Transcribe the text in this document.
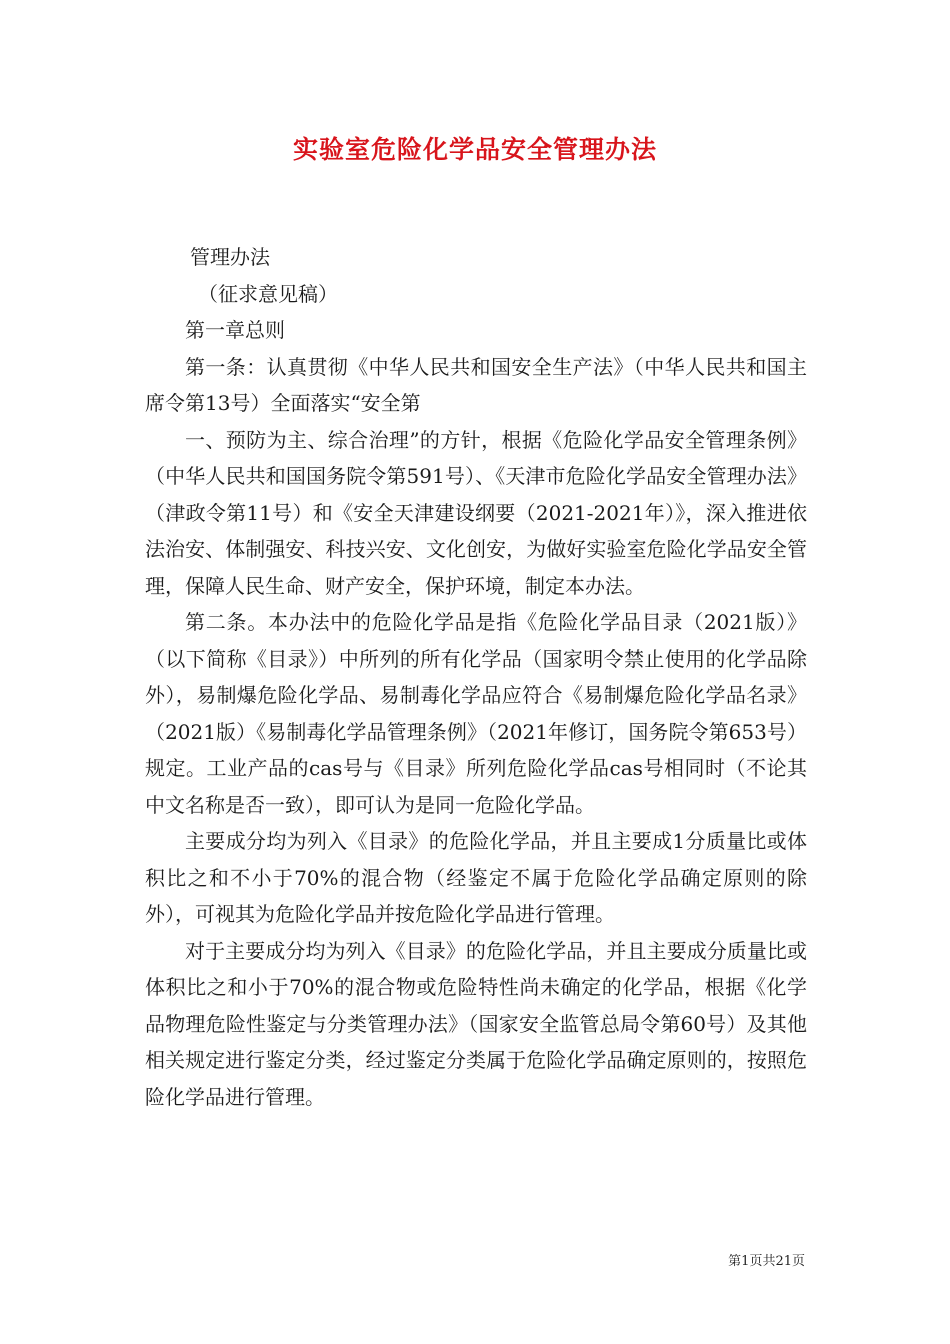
实验室危险化学品安全管理办法

管理办法

（征求意见稿）

第一章总则

第一条：认真贯彻《中华人民共和国安全生产法》（中华人民共和国主席令第13号）全面落实“安全第

一、预防为主、综合治理”的方针，根据《危险化学品安全管理条例》（中华人民共和国国务院令第591号）、《天津市危险化学品安全管理办法》（津政令第11号）和《安全天津建设纲要（2021-2021年）》，深入推进依法治安、体制强安、科技兴安、文化创安，为做好实验室危险化学品安全管理，保障人民生命、财产安全，保护环境，制定本办法。

第二条。本办法中的危险化学品是指《危险化学品目录（2021版）》（以下简称《目录》）中所列的所有化学品（国家明令禁止使用的化学品除外），易制爆危险化学品、易制毒化学品应符合《易制爆危险化学品名录》（2021版）《易制毒化学品管理条例》（2021年修订，国务院令第653号）规定。工业产品的cas号与《目录》所列危险化学品cas号相同时（不论其中文名称是否一致），即可认为是同一危险化学品。

主要成分均为列入《目录》的危险化学品，并且主要成1分质量比或体积比之和不小于70%的混合物（经鉴定不属于危险化学品确定原则的除外），可视其为危险化学品并按危险化学品进行管理。

对于主要成分均为列入《目录》的危险化学品，并且主要成分质量比或体积比之和小于70%的混合物或危险特性尚未确定的化学品，根据《化学品物理危险性鉴定与分类管理办法》（国家安全监管总局令第60号）及其他相关规定进行鉴定分类，经过鉴定分类属于危险化学品确定原则的，按照危险化学品进行管理。

第1页共21页
